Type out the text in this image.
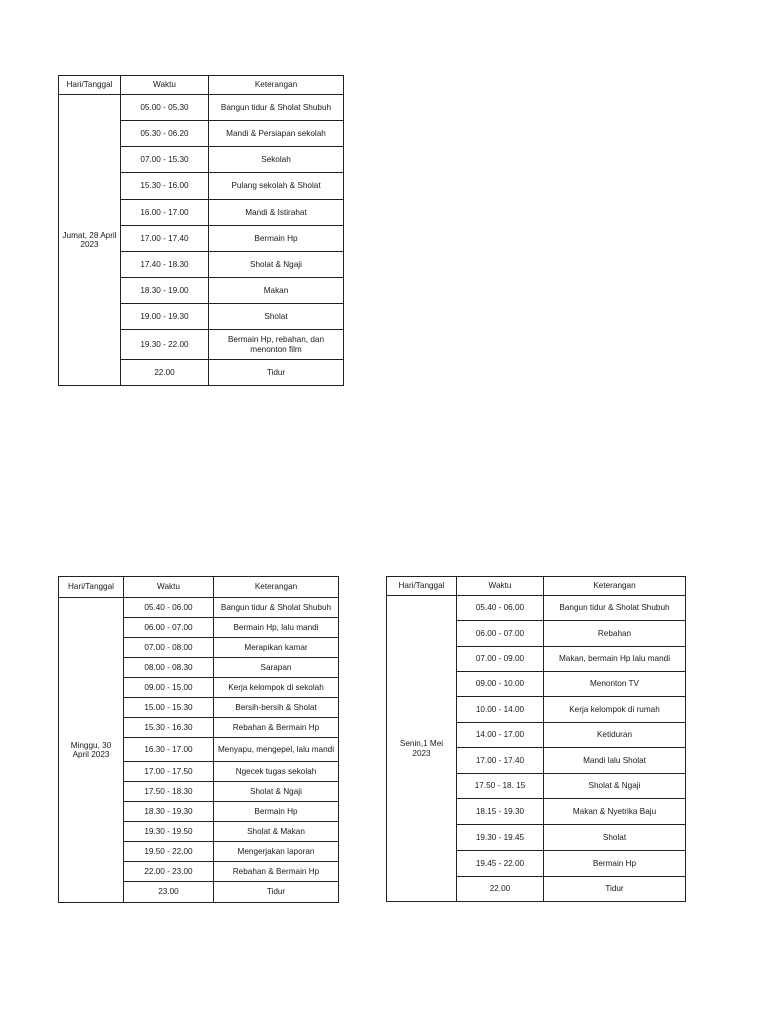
Hari/Tanggal	Waktu	Keterangan
Jumat, 28 April 2023	05.00 - 05.30	Bangun tidur & Sholat Shubuh
	05.30 - 06.20	Mandi & Persiapan sekolah
	07.00 - 15.30	Sekolah
	15.30 - 16.00	Pulang sekolah & Sholat
	16.00 - 17.00	Mandi & Istirahat
	17.00 - 17.40	Bermain Hp
	17.40 - 18.30	Sholat & Ngaji
	18.30 - 19.00	Makan
	19.00 - 19.30	Sholat
	19.30 - 22.00	Bermain Hp, rebahan, dan menonton film
	22.00	Tidur
Hari/Tanggal	Waktu	Keterangan
Minggu, 30 April 2023	05.40 - 06.00	Bangun tidur & Sholat Shubuh
	06.00 - 07.00	Bermain Hp, lalu mandi
	07.00 - 08.00	Merapikan kamar
	08.00 - 08.30	Sarapan
	09.00 - 15.00	Kerja kelompok di sekolah
	15.00 - 15.30	Bersih-bersih & Sholat
	15.30 - 16.30	Rebahan & Bermain Hp
	16.30 - 17.00	Menyapu, mengepel, lalu mandi
	17.00 - 17.50	Ngecek tugas sekolah
	17.50 - 18.30	Sholat & Ngaji
	18.30 - 19.30	Bermain Hp
	19.30 - 19.50	Sholat & Makan
	19.50 - 22.00	Mengerjakan laporan
	22.00 - 23.00	Rebahan & Bermain Hp
	23.00	Tidur
Hari/Tanggal	Waktu	Keterangan
Senin,1 Mei 2023	05.40 - 06.00	Bangun tidur & Sholat Shubuh
	06.00 - 07.00	Rebahan
	07.00 - 09.00	Makan, bermain Hp lalu mandi
	09.00 - 10.00	Menonton TV
	10.00 - 14.00	Kerja kelompok di rumah
	14.00 - 17.00	Ketiduran
	17.00 - 17.40	Mandi lalu Sholat
	17.50 - 18. 15	Sholat & Ngaji
	18.15 - 19.30	Makan & Nyetrika Baju
	19.30 - 19.45	Sholat
	19.45 - 22.00	Bermain Hp
	22.00	Tidur
